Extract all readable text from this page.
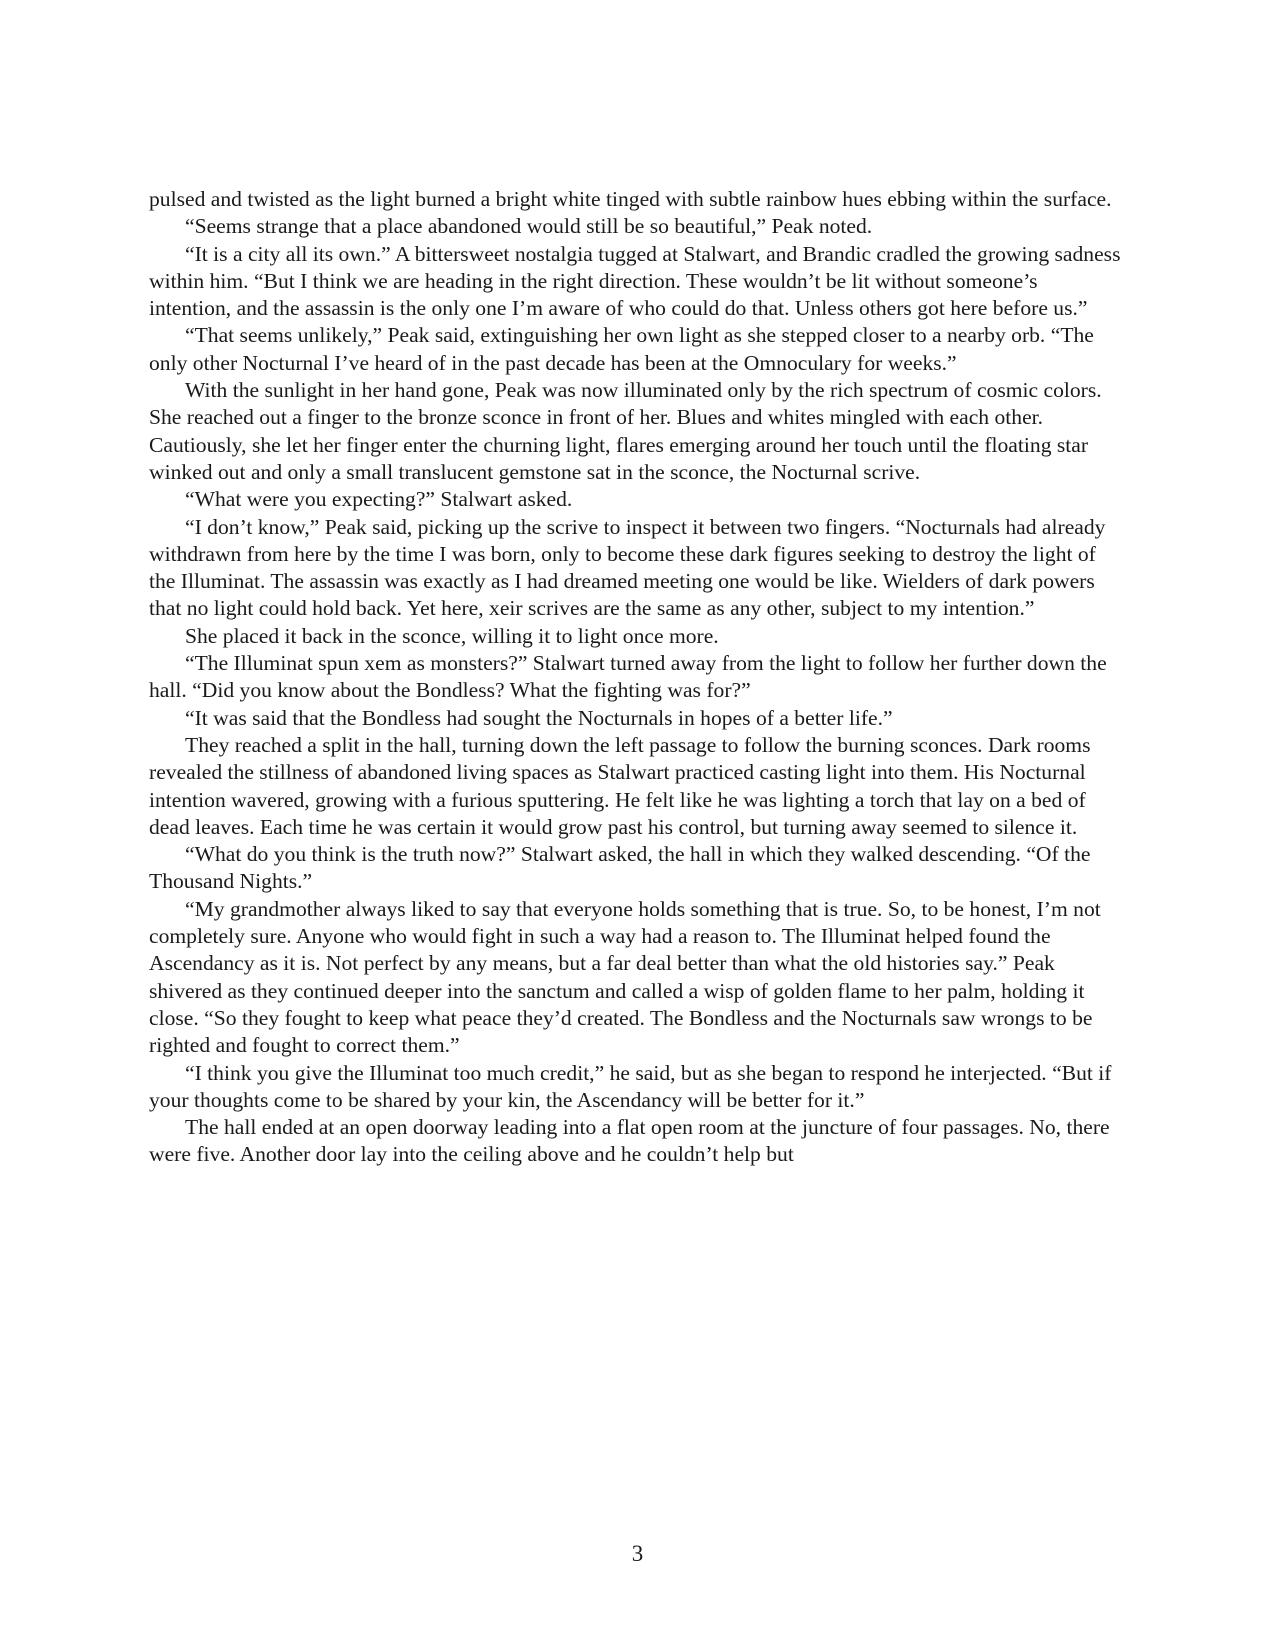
pulsed and twisted as the light burned a bright white tinged with subtle rainbow hues ebbing within the surface.

“Seems strange that a place abandoned would still be so beautiful,” Peak noted.

“It is a city all its own.” A bittersweet nostalgia tugged at Stalwart, and Brandic cradled the growing sadness within him. “But I think we are heading in the right direction. These wouldn’t be lit without someone’s intention, and the assassin is the only one I’m aware of who could do that. Unless others got here before us.”

“That seems unlikely,” Peak said, extinguishing her own light as she stepped closer to a nearby orb. “The only other Nocturnal I’ve heard of in the past decade has been at the Omnoculary for weeks.”

With the sunlight in her hand gone, Peak was now illuminated only by the rich spectrum of cosmic colors. She reached out a finger to the bronze sconce in front of her. Blues and whites mingled with each other. Cautiously, she let her finger enter the churning light, flares emerging around her touch until the floating star winked out and only a small translucent gemstone sat in the sconce, the Nocturnal scrive.

“What were you expecting?” Stalwart asked.

“I don’t know,” Peak said, picking up the scrive to inspect it between two fingers. “Nocturnals had already withdrawn from here by the time I was born, only to become these dark figures seeking to destroy the light of the Illuminat. The assassin was exactly as I had dreamed meeting one would be like. Wielders of dark powers that no light could hold back. Yet here, xeir scrives are the same as any other, subject to my intention.”

She placed it back in the sconce, willing it to light once more.

“The Illuminat spun xem as monsters?” Stalwart turned away from the light to follow her further down the hall. “Did you know about the Bondless? What the fighting was for?”

“It was said that the Bondless had sought the Nocturnals in hopes of a better life.”

They reached a split in the hall, turning down the left passage to follow the burning sconces. Dark rooms revealed the stillness of abandoned living spaces as Stalwart practiced casting light into them. His Nocturnal intention wavered, growing with a furious sputtering. He felt like he was lighting a torch that lay on a bed of dead leaves. Each time he was certain it would grow past his control, but turning away seemed to silence it.

“What do you think is the truth now?” Stalwart asked, the hall in which they walked descending. “Of the Thousand Nights.”

“My grandmother always liked to say that everyone holds something that is true. So, to be honest, I’m not completely sure. Anyone who would fight in such a way had a reason to. The Illuminat helped found the Ascendancy as it is. Not perfect by any means, but a far deal better than what the old histories say.” Peak shivered as they continued deeper into the sanctum and called a wisp of golden flame to her palm, holding it close. “So they fought to keep what peace they’d created. The Bondless and the Nocturnals saw wrongs to be righted and fought to correct them.”

“I think you give the Illuminat too much credit,” he said, but as she began to respond he interjected. “But if your thoughts come to be shared by your kin, the Ascendancy will be better for it.”

The hall ended at an open doorway leading into a flat open room at the juncture of four passages. No, there were five. Another door lay into the ceiling above and he couldn’t help but

3
